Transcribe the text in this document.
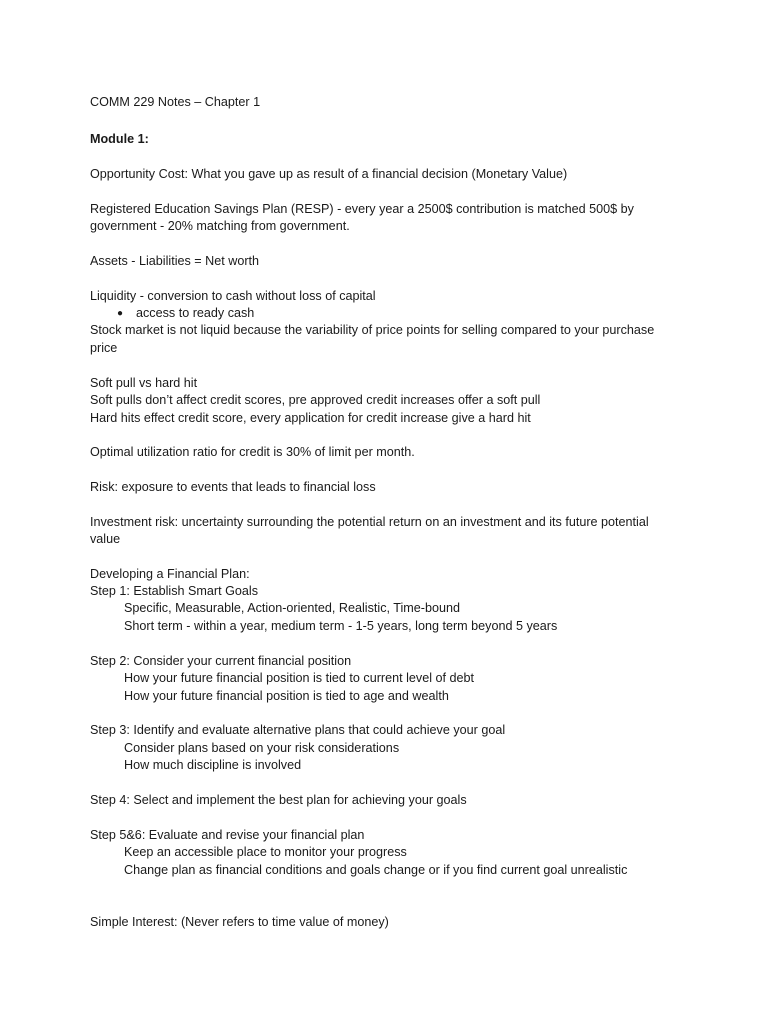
COMM 229 Notes – Chapter 1
Module 1:
Opportunity Cost: What you gave up as result of a financial decision (Monetary Value)
Registered Education Savings Plan (RESP) - every year a 2500$ contribution is matched 500$ by
government - 20% matching from government.
Assets - Liabilities = Net worth
Liquidity - conversion to cash without loss of capital
● access to ready cash
Stock market is not liquid because the variability of price points for selling compared to your purchase
price
Soft pull vs hard hit
Soft pulls don’t affect credit scores, pre approved credit increases offer a soft pull
Hard hits effect credit score, every application for credit increase give a hard hit
Optimal utilization ratio for credit is 30% of limit per month.
Risk: exposure to events that leads to financial loss
Investment risk: uncertainty surrounding the potential return on an investment and its future potential
value
Developing a Financial Plan:
Step 1: Establish Smart Goals
Specific, Measurable, Action-oriented, Realistic, Time-bound
Short term - within a year, medium term - 1-5 years, long term beyond 5 years
Step 2: Consider your current financial position
How your future financial position is tied to current level of debt
How your future financial position is tied to age and wealth
Step 3: Identify and evaluate alternative plans that could achieve your goal
Consider plans based on your risk considerations
How much discipline is involved
Step 4: Select and implement the best plan for achieving your goals
Step 5&6: Evaluate and revise your financial plan
Keep an accessible place to monitor your progress
Change plan as financial conditions and goals change or if you find current goal unrealistic
Simple Interest: (Never refers to time value of money)
